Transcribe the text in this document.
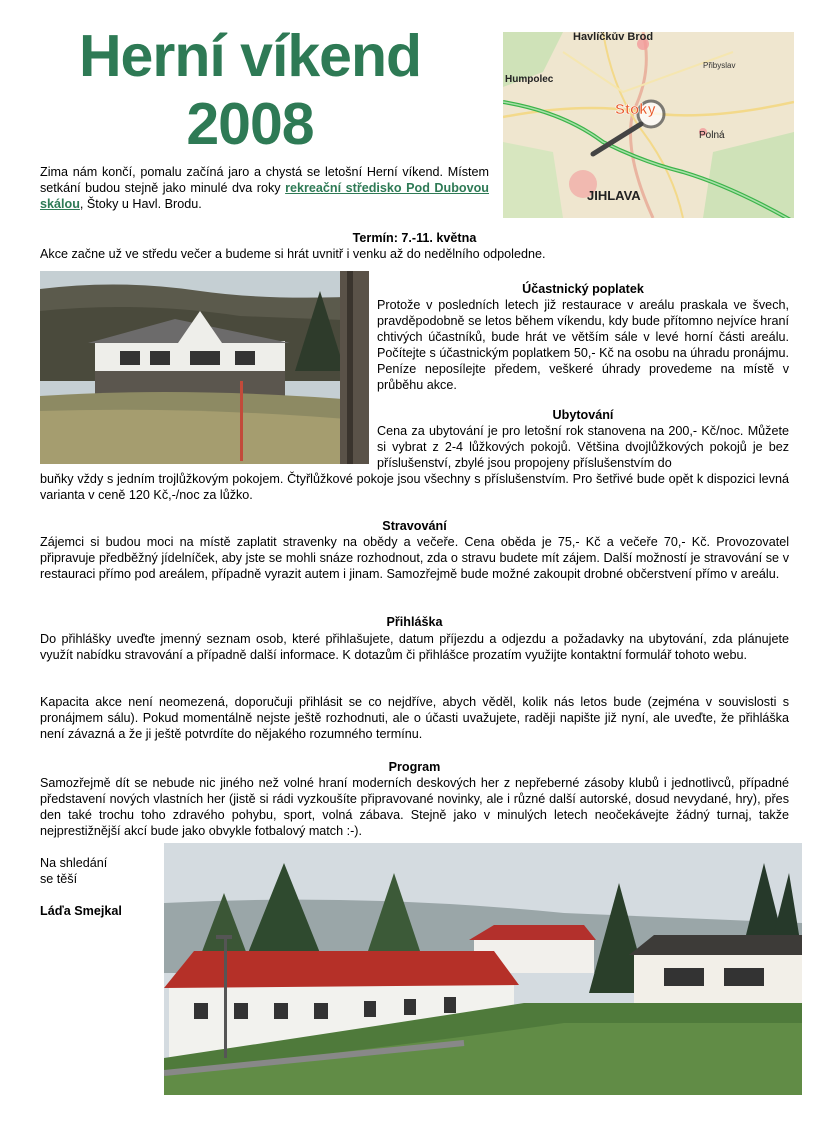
Herní víkend
2008
Havlíčkův Brod
Přibyslav
Humpolec
Stoky
Polná
JIHLAVA

Zima nám končí, pomalu začíná jaro a chystá se letošní Herní víkend. Místem setkání budou stejně jako minulé dva roky rekreační středisko Pod Dubovou skálou, Štoky u Havl. Brodu.

Termín: 7.-11. května

Akce začne už ve středu večer a budeme si hrát uvnitř i venku až do nedělního odpoledne.

Účastnický poplatek

Protože v posledních letech již restaurace v areálu praskala ve švech, pravděpodobně se letos během víkendu, kdy bude přítomno nejvíce hraní chtivých účastníků, bude hrát ve větším sále v levé horní části areálu. Počítejte s účastnickým poplatkem 50,- Kč na osobu na úhradu pronájmu. Peníze neposílejte předem, veškeré úhrady provedeme na místě v průběhu akce.

Ubytování

Cena za ubytování je pro letošní rok stanovena na 200,- Kč/noc. Můžete si vybrat z 2-4 lůžkových pokojů. Většina dvojlůžkových pokojů je bez příslušenství, zbylé jsou propojeny příslušenstvím do

buňky vždy s jedním trojlůžkovým pokojem. Čtyřlůžkové pokoje jsou všechny s příslušenstvím. Pro šetřivé bude opět k dispozici levná varianta v ceně 120 Kč,-/noc za lůžko.

Stravování

Zájemci si budou moci na místě zaplatit stravenky na obědy a večeře. Cena oběda je 75,- Kč a večeře 70,- Kč. Provozovatel připravuje předběžný jídelníček, aby jste se mohli snáze rozhodnout, zda o stravu budete mít zájem. Další možností je stravování se v restauraci přímo pod areálem, případně vyrazit autem i jinam. Samozřejmě bude možné zakoupit drobné občerstvení přímo v areálu.

Přihláška

Do přihlášky uveďte jmenný seznam osob, které přihlašujete, datum příjezdu a odjezdu a požadavky na ubytování, zda plánujete využít nabídku stravování a případně další informace. K dotazům či přihlášce prozatím využijte kontaktní formulář tohoto webu.

Kapacita akce není neomezená, doporučuji přihlásit se co nejdříve, abych věděl, kolik nás letos bude (zejména v souvislosti s pronájmem sálu). Pokud momentálně nejste ještě rozhodnuti, ale o účasti uvažujete, raději napište již nyní, ale uveďte, že přihláška není závazná a že ji ještě potvrdíte do nějakého rozumného termínu.

Program

Samozřejmě dít se nebude nic jiného než volné hraní moderních deskových her z nepřeberné zásoby klubů i jednotlivců, případné představení nových vlastních her (jistě si rádi vyzkoušíte připravované novinky, ale i různé další autorské, dosud nevydané, hry), přes den také trochu toho zdravého pohybu, sport, volná zábava. Stejně jako v minulých letech neočekávejte žádný turnaj, takže nejprestižnější akcí bude jako obvykle fotbalový match :-).

Na shledání

se těší

Láďa Smejkal
